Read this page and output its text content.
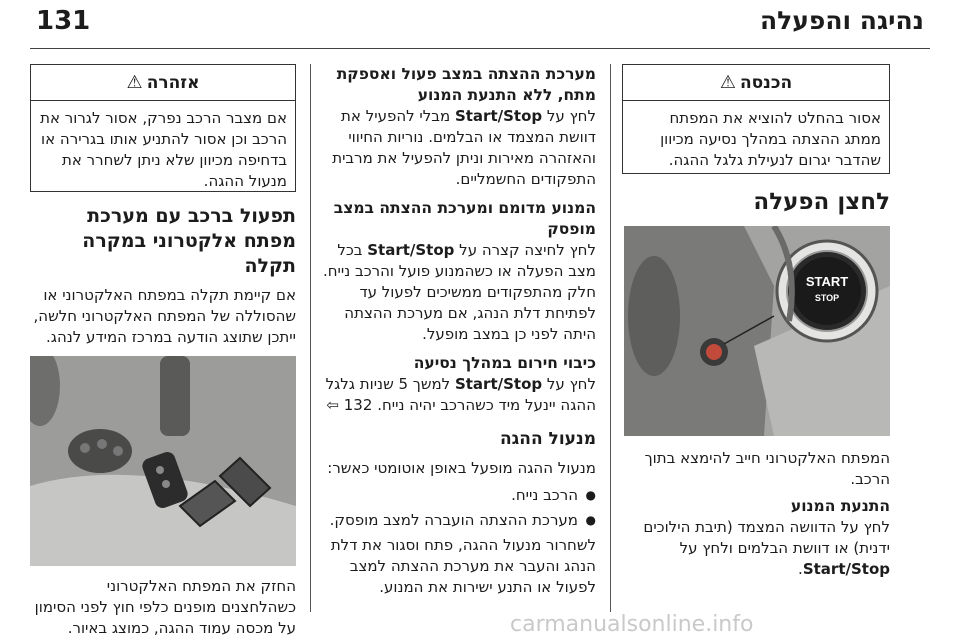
131	נהיגה והפעלה
הכנסה
⚠
אסור בהחלט להוציא את המפתח ממתג ההצתה במהלך נסיעה מכיוון שהדבר יגרום לנעילת גלגל ההגה.
לחצן הפעלה
START
STOP
המפתח האלקטרוני חייב להימצא בתוך הרכב.
התנעת המנוע
לחץ על הדוושה המצמד (תיבת הילוכים ידנית) או דוושת הבלמים ולחץ על Start/Stop.
מערכת ההצתה במצב פעול ואספקת מתח, ללא התנעת המנוע
לחץ על Start/Stop מבלי להפעיל את דוושת המצמד או הבלמים. נוריות החיווי והאזהרה מאירות וניתן להפעיל את מרבית התפקודים החשמליים.
המנוע מדומם ומערכת ההצתה במצב מופסק
לחץ לחיצה קצרה על Start/Stop בכל מצב הפעלה או כשהמנוע פועל והרכב נייח. חלק מהתפקודים ממשיכים לפעול עד לפתיחת דלת הנהג, אם מערכת ההצתה היתה לפני כן במצב מופעל.
כיבוי חירום במהלך נסיעה
לחץ על Start/Stop למשך 5 שניות גלגל ההגה יינעל מיד כשהרכב יהיה נייח. 132 ⇦
מנעול ההגה
מנעול ההגה מופעל באופן אוטומטי כאשר:
● הרכב נייח.
● מערכת ההצתה הועברה למצב מופסק.
לשחרור מנעול ההגה, פתח וסגור את דלת הנהג והעבר את מערכת ההצתה למצב לפעול או התנע ישירות את המנוע.
אזהרה
⚠
אם מצבר הרכב נפרק, אסור לגרור את הרכב וכן אסור להתניע אותו בגרירה או בדחיפה מכיוון שלא ניתן לשחרר את מנעול ההגה.
תפעול ברכב עם מערכת מפתח אלקטרוני במקרה תקלה
אם קיימת תקלה במפתח האלקטרוני או שהסוללה של המפתח האלקטרוני חלשה, ייתכן שתוצג הודעה במרכז המידע לנהג.
החזק את המפתח האלקטרוני כשהלחצנים מופנים כלפי חוץ לפני הסימון על מכסה עמוד ההגה, כמוצג באיור.	carmanualsonline.info
